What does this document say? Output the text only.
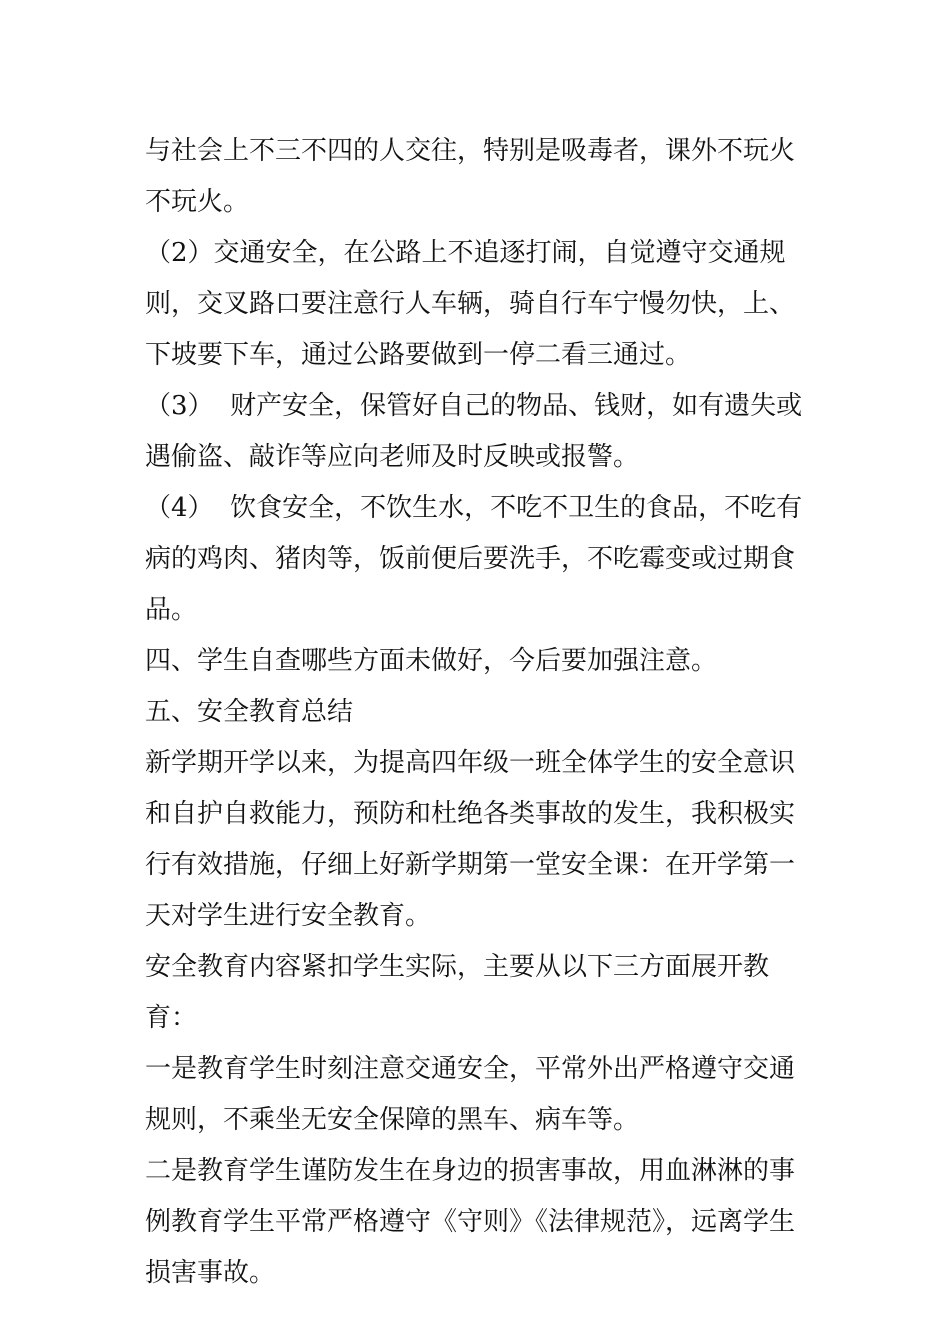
与社会上不三不四的人交往，特别是吸毒者，课外不玩火不玩火。

（2）交通安全，在公路上不追逐打闹，自觉遵守交通规则，交叉路口要注意行人车辆，骑自行车宁慢勿快，上、下坡要下车，通过公路要做到一停二看三通过。

（3）  财产安全，保管好自己的物品、钱财，如有遗失或遇偷盗、敲诈等应向老师及时反映或报警。

（4）  饮食安全，不饮生水，不吃不卫生的食品，不吃有病的鸡肉、猪肉等，饭前便后要洗手，不吃霉变或过期食品。

四、学生自查哪些方面未做好，今后要加强注意。

五、安全教育总结

新学期开学以来，为提高四年级一班全体学生的安全意识和自护自救能力，预防和杜绝各类事故的发生，我积极实行有效措施，仔细上好新学期第一堂安全课：在开学第一天对学生进行安全教育。

安全教育内容紧扣学生实际，主要从以下三方面展开教育：

一是教育学生时刻注意交通安全，平常外出严格遵守交通规则，不乘坐无安全保障的黑车、病车等。

二是教育学生谨防发生在身边的损害事故，用血淋淋的事例教育学生平常严格遵守《守则》《法律规范》，远离学生损害事故。
